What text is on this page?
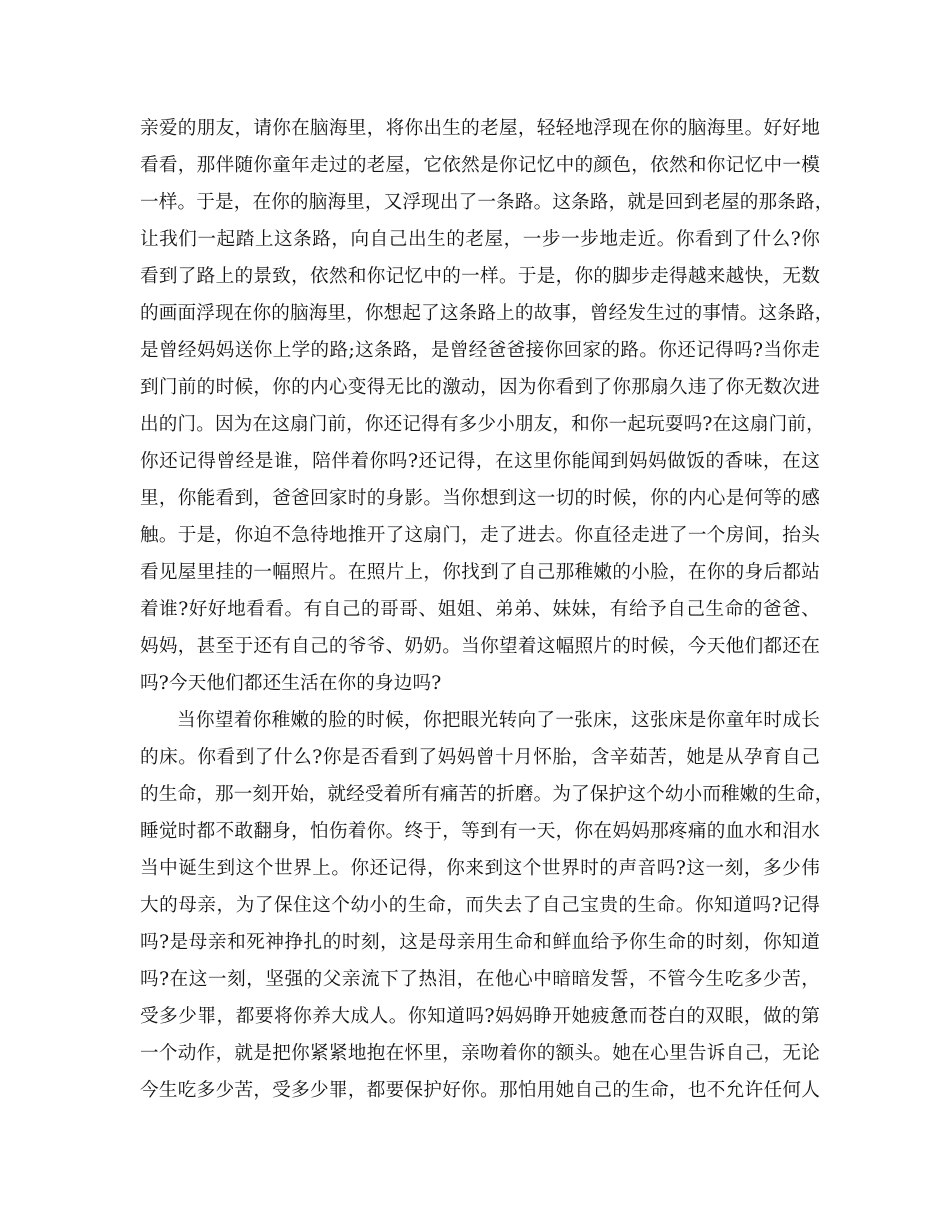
亲爱的朋友，请你在脑海里，将你出生的老屋，轻轻地浮现在你的脑海里。好好地
看看，那伴随你童年走过的老屋，它依然是你记忆中的颜色，依然和你记忆中一模
一样。于是，在你的脑海里，又浮现出了一条路。这条路，就是回到老屋的那条路，
让我们一起踏上这条路，向自己出生的老屋，一步一步地走近。你看到了什么?你
看到了路上的景致，依然和你记忆中的一样。于是，你的脚步走得越来越快，无数
的画面浮现在你的脑海里，你想起了这条路上的故事，曾经发生过的事情。这条路，
是曾经妈妈送你上学的路;这条路，是曾经爸爸接你回家的路。你还记得吗?当你走
到门前的时候，你的内心变得无比的激动，因为你看到了你那扇久违了你无数次进
出的门。因为在这扇门前，你还记得有多少小朋友，和你一起玩耍吗?在这扇门前，
你还记得曾经是谁，陪伴着你吗?还记得，在这里你能闻到妈妈做饭的香味，在这
里，你能看到，爸爸回家时的身影。当你想到这一切的时候，你的内心是何等的感
触。于是，你迫不急待地推开了这扇门，走了进去。你直径走进了一个房间，抬头
看见屋里挂的一幅照片。在照片上，你找到了自己那稚嫩的小脸，在你的身后都站
着谁?好好地看看。有自己的哥哥、姐姐、弟弟、妹妹，有给予自己生命的爸爸、
妈妈，甚至于还有自己的爷爷、奶奶。当你望着这幅照片的时候，今天他们都还在
吗?今天他们都还生活在你的身边吗?
当你望着你稚嫩的脸的时候，你把眼光转向了一张床，这张床是你童年时成长
的床。你看到了什么?你是否看到了妈妈曾十月怀胎，含辛茹苦，她是从孕育自己
的生命，那一刻开始，就经受着所有痛苦的折磨。为了保护这个幼小而稚嫩的生命，
睡觉时都不敢翻身，怕伤着你。终于，等到有一天，你在妈妈那疼痛的血水和泪水
当中诞生到这个世界上。你还记得，你来到这个世界时的声音吗?这一刻，多少伟
大的母亲，为了保住这个幼小的生命，而失去了自己宝贵的生命。你知道吗?记得
吗?是母亲和死神挣扎的时刻，这是母亲用生命和鲜血给予你生命的时刻，你知道
吗?在这一刻，坚强的父亲流下了热泪，在他心中暗暗发誓，不管今生吃多少苦，
受多少罪，都要将你养大成人。你知道吗?妈妈睁开她疲惫而苍白的双眼，做的第
一个动作，就是把你紧紧地抱在怀里，亲吻着你的额头。她在心里告诉自己，无论
今生吃多少苦，受多少罪，都要保护好你。那怕用她自己的生命，也不允许任何人
